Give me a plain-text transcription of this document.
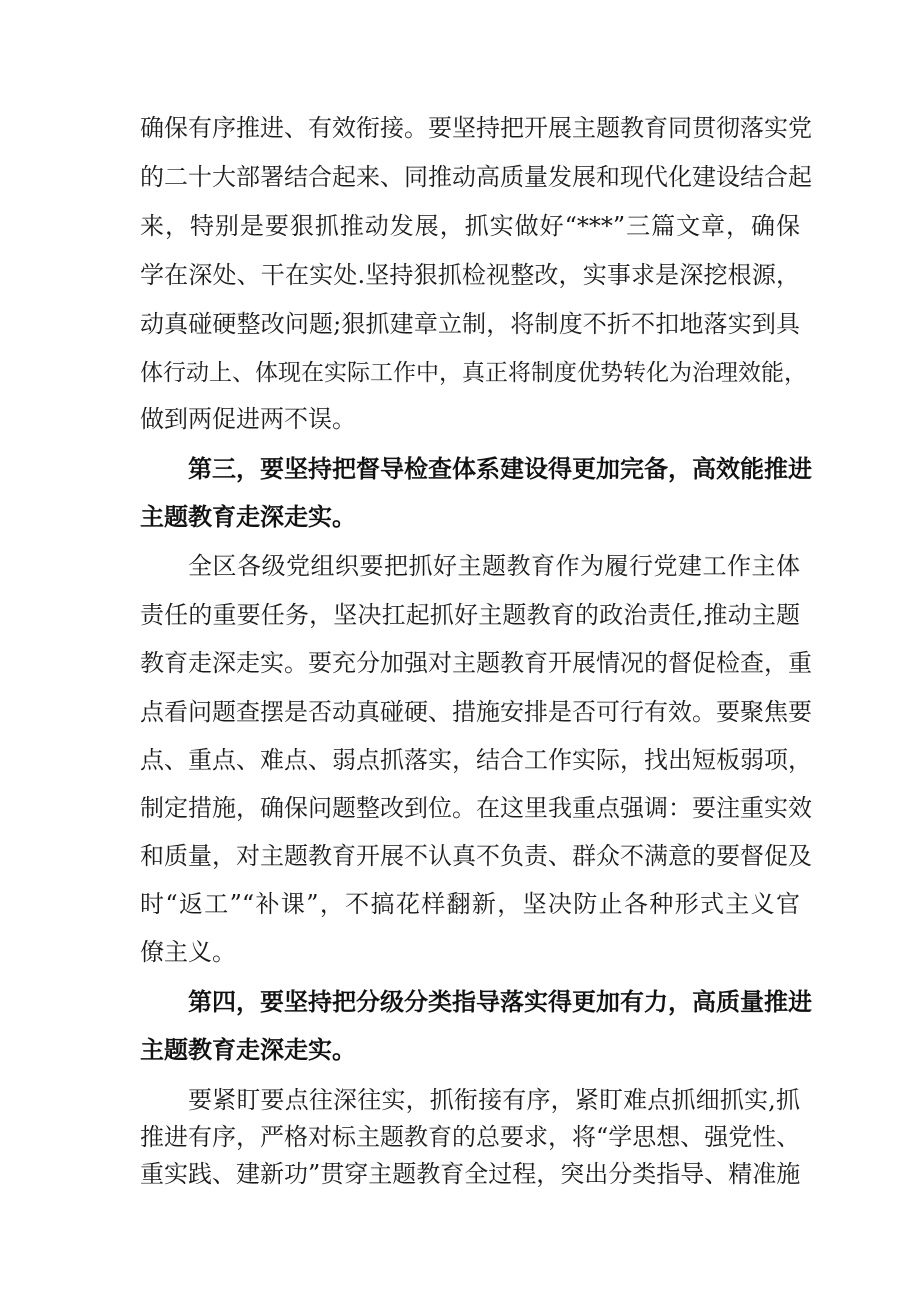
确保有序推进、有效衔接。要坚持把开展主题教育同贯彻落实党
的二十大部署结合起来、同推动高质量发展和现代化建设结合起
来，特别是要狠抓推动发展，抓实做好“***”三篇文章，确保
学在深处、干在实处.坚持狠抓检视整改，实事求是深挖根源，
动真碰硬整改问题;狠抓建章立制，将制度不折不扣地落实到具
体行动上、体现在实际工作中，真正将制度优势转化为治理效能，
做到两促进两不误。
第三，要坚持把督导检查体系建设得更加完备，高效能推进
主题教育走深走实。
全区各级党组织要把抓好主题教育作为履行党建工作主体
责任的重要任务，坚决扛起抓好主题教育的政治责任,推动主题
教育走深走实。要充分加强对主题教育开展情况的督促检查，重
点看问题查摆是否动真碰硬、措施安排是否可行有效。要聚焦要
点、重点、难点、弱点抓落实，结合工作实际，找出短板弱项，
制定措施，确保问题整改到位。在这里我重点强调：要注重实效
和质量，对主题教育开展不认真不负责、群众不满意的要督促及
时“返工”“补课”，不搞花样翻新，坚决防止各种形式主义官
僚主义。
第四，要坚持把分级分类指导落实得更加有力，高质量推进
主题教育走深走实。
要紧盯要点往深往实，抓衔接有序，紧盯难点抓细抓实,抓
推进有序，严格对标主题教育的总要求，将“学思想、强党性、
重实践、建新功”贯穿主题教育全过程，突出分类指导、精准施
